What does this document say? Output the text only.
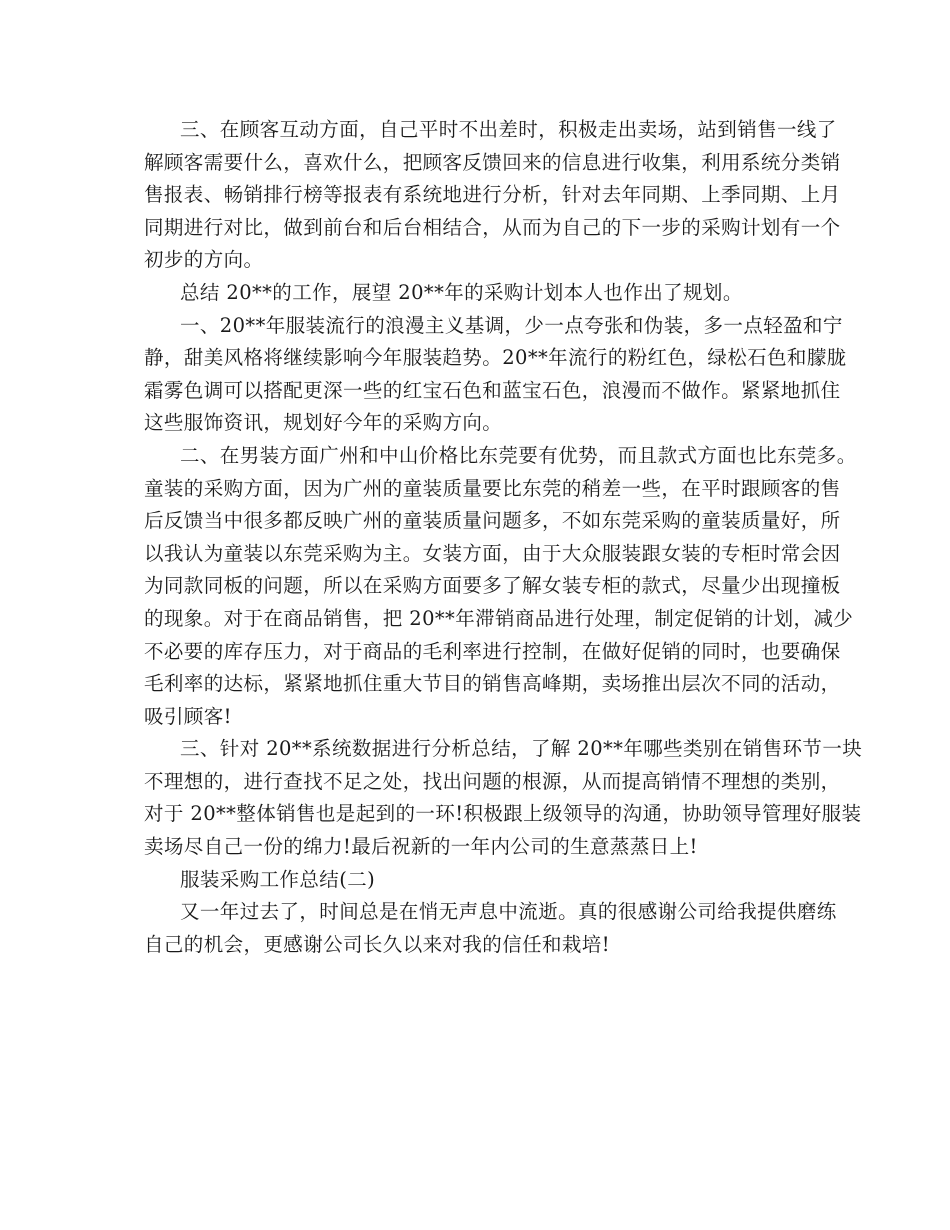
三、在顾客互动方面，自己平时不出差时，积极走出卖场，站到销售一线了
解顾客需要什么，喜欢什么，把顾客反馈回来的信息进行收集，利用系统分类销
售报表、畅销排行榜等报表有系统地进行分析，针对去年同期、上季同期、上月
同期进行对比，做到前台和后台相结合，从而为自己的下一步的采购计划有一个
初步的方向。
总结 20**的工作，展望 20**年的采购计划本人也作出了规划。
一、20**年服装流行的浪漫主义基调，少一点夸张和伪装，多一点轻盈和宁
静，甜美风格将继续影响今年服装趋势。20**年流行的粉红色，绿松石色和朦胧
霜雾色调可以搭配更深一些的红宝石色和蓝宝石色，浪漫而不做作。紧紧地抓住
这些服饰资讯，规划好今年的采购方向。
二、在男装方面广州和中山价格比东莞要有优势，而且款式方面也比东莞多。
童装的采购方面，因为广州的童装质量要比东莞的稍差一些，在平时跟顾客的售
后反馈当中很多都反映广州的童装质量问题多，不如东莞采购的童装质量好，所
以我认为童装以东莞采购为主。女装方面，由于大众服装跟女装的专柜时常会因
为同款同板的问题，所以在采购方面要多了解女装专柜的款式，尽量少出现撞板
的现象。对于在商品销售，把 20**年滞销商品进行处理，制定促销的计划，减少
不必要的库存压力，对于商品的毛利率进行控制，在做好促销的同时，也要确保
毛利率的达标，紧紧地抓住重大节目的销售高峰期，卖场推出层次不同的活动，
吸引顾客!
三、针对 20**系统数据进行分析总结，了解 20**年哪些类别在销售环节一块
不理想的，进行查找不足之处，找出问题的根源，从而提高销情不理想的类别，
对于 20**整体销售也是起到的一环!积极跟上级领导的沟通，协助领导管理好服装
卖场尽自己一份的绵力!最后祝新的一年内公司的生意蒸蒸日上!
服装采购工作总结(二)
又一年过去了，时间总是在悄无声息中流逝。真的很感谢公司给我提供磨练
自己的机会，更感谢公司长久以来对我的信任和栽培!
